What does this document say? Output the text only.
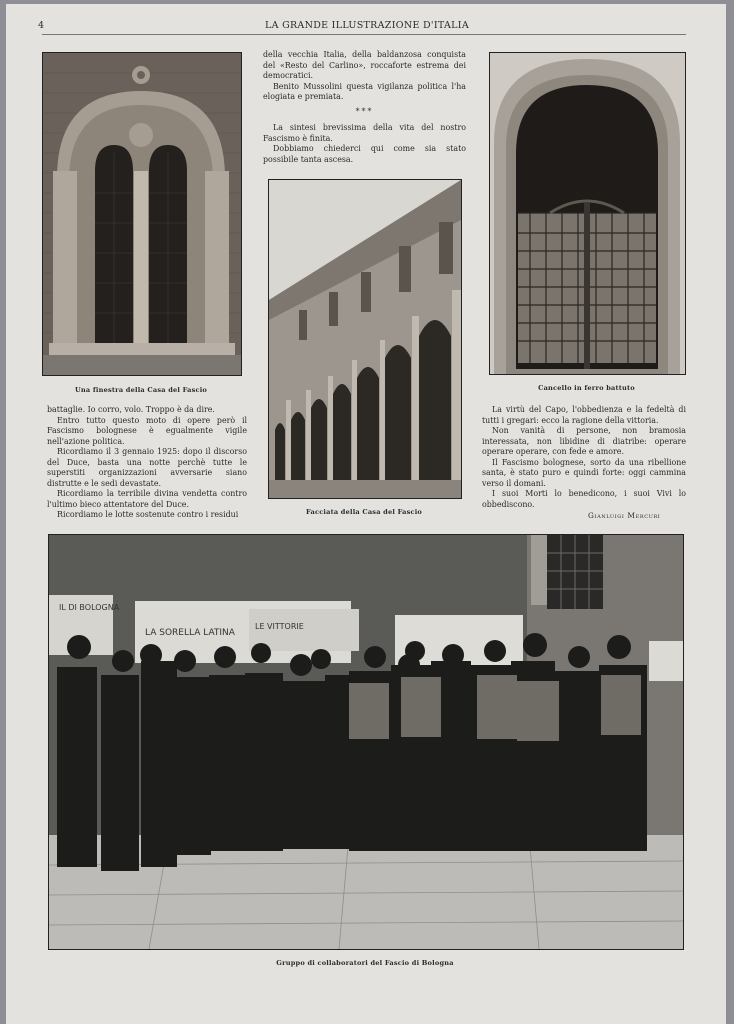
4	LA GRANDE ILLUSTRAZIONE D'ITALIA
Una finestra della Casa del Fascio
Facciata della Casa del Fascio
Cancello in ferro battuto

della vecchia Italia, della baldanzosa conquista del «Resto del Carlino», roccaforte estrema dei democratici.

Benito Mussolini questa vigilanza politica l'ha elogiata e premiata.

***

La sintesi brevissima della vita del nostro Fascismo è finita.

Dobbiamo chiederci qui come sia stato possibile tanta ascesa.

battaglie. Io corro, volo. Troppo è da dire.

Entro tutto questo moto di opere però il Fascismo bolognese è egualmente vigile nell'azione politica.

Ricordiamo il 3 gennaio 1925: dopo il discorso del Duce, basta una notte perchè tutte le superstiti organizzazioni avversarie siano distrutte e le sedi devastate.

Ricordiamo la terribile divina vendetta contro l'ultimo bieco attentatore del Duce.

Ricordiamo le lotte sostenute contro i residui

La virtù del Capo, l'obbedienza e la fedeltà di tutti i gregari: ecco la ragione della vittoria.

Non vanità di persone, non bramosia interessata, non libidine di diatribe: operare operare operare, con fede e amore.

Il Fascismo bolognese, sorto da una ribellione santa, è stato puro e quindi forte: oggi cammina verso il domani.

I suoi Morti lo benedicono, i suoi Vivi lo obbediscono.

Gianluigi Mercuri
IL DI BOLOGNA
LA SORELLA LATINA
LE VITTORIE
Gruppo di collaboratori del Fascio di Bologna
